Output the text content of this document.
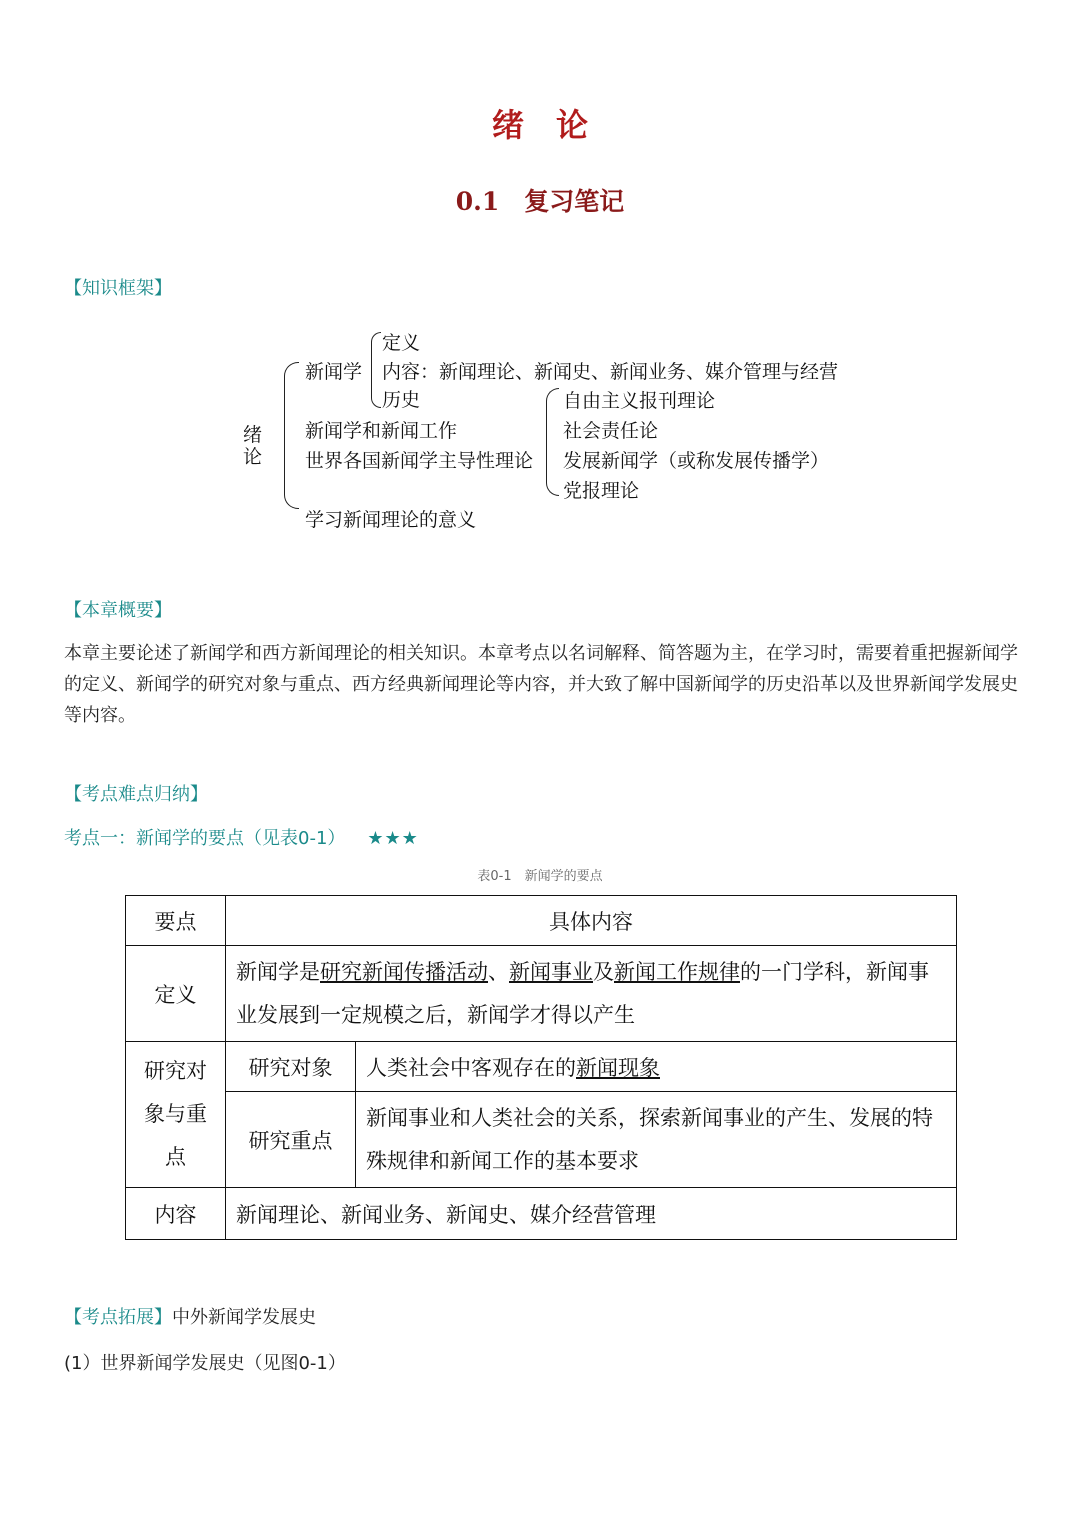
绪　论
0.1　复习笔记
【知识框架】
绪论
新闻学
定义
内容：新闻理论、新闻史、新闻业务、媒介管理与经营
历史
新闻学和新闻工作
世界各国新闻学主导性理论
自由主义报刊理论
社会责任论
发展新闻学（或称发展传播学）
党报理论
学习新闻理论的意义
【本章概要】
本章主要论述了新闻学和西方新闻理论的相关知识。本章考点以名词解释、简答题为主，在学习时，需要着重把握新闻学的定义、新闻学的研究对象与重点、西方经典新闻理论等内容，并大致了解中国新闻学的历史沿革以及世界新闻学发展史等内容。
【考点难点归纳】
考点一：新闻学的要点（见表0-1） ★★★
表0-1　新闻学的要点
要点	具体内容	
定义	新闻学是研究新闻传播活动、新闻事业及新闻工作规律的一门学科，新闻事业发展到一定规模之后，新闻学才得以产生	
研究对象与重点	研究对象	人类社会中客观存在的新闻现象
	研究重点	新闻事业和人类社会的关系，探索新闻事业的产生、发展的特殊规律和新闻工作的基本要求
内容	新闻理论、新闻业务、新闻史、媒介经营管理	
【考点拓展】中外新闻学发展史
(1）世界新闻学发展史（见图0-1）
